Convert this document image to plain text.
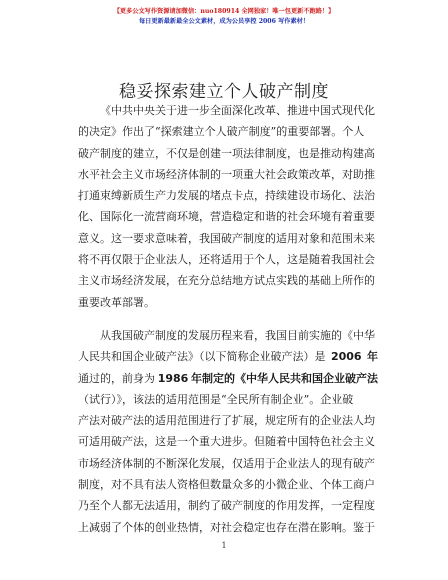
【更多公文写作资源请加微信：nuo180914 全网独家！唯一包更新不跑路！】
每日更新最新最全公文素材，成为公员享控 2006 写作素材！
稳妥探索建立个人破产制度
《中共中央关于进一步全面深化改革、推进中国式现代化
的决定》作出了“探索建立个人破产制度”的重要部署。个人
破产制度的建立，不仅是创建一项法律制度，也是推动构建高
水平社会主义市场经济体制的一项重大社会政策改革，对助推
打通束缚新质生产力发展的堵点卡点，持续建设市场化、法治
化、国际化一流营商环境，营造稳定和谐的社会环境有着重要
意义。这一要求意味着，我国破产制度的适用对象和范围未来
将不再仅限于企业法人，还将适用于个人，这是随着我国社会
主义市场经济发展，在充分总结地方试点实践的基础上所作的
重要改革部署。
从我国破产制度的发展历程来看，我国目前实施的《中华
人民共和国企业破产法》（以下简称企业破产法）是 2006 年
通过的，前身为 1986 年制定的《中华人民共和国企业破产法
（试行）》，该法的适用范围是“全民所有制企业”。企业破
产法对破产法的适用范围进行了扩展，规定所有的企业法人均
可适用破产法，这是一个重大进步。但随着中国特色社会主义
市场经济体制的不断深化发展，仅适用于企业法人的现有破产
制度，对不具有法人资格但数量众多的小微企业、个体工商户
乃至个人都无法适用，制约了破产制度的作用发挥，一定程度
上减弱了个体的创业热情，对社会稳定也存在潜在影响。鉴于
1
